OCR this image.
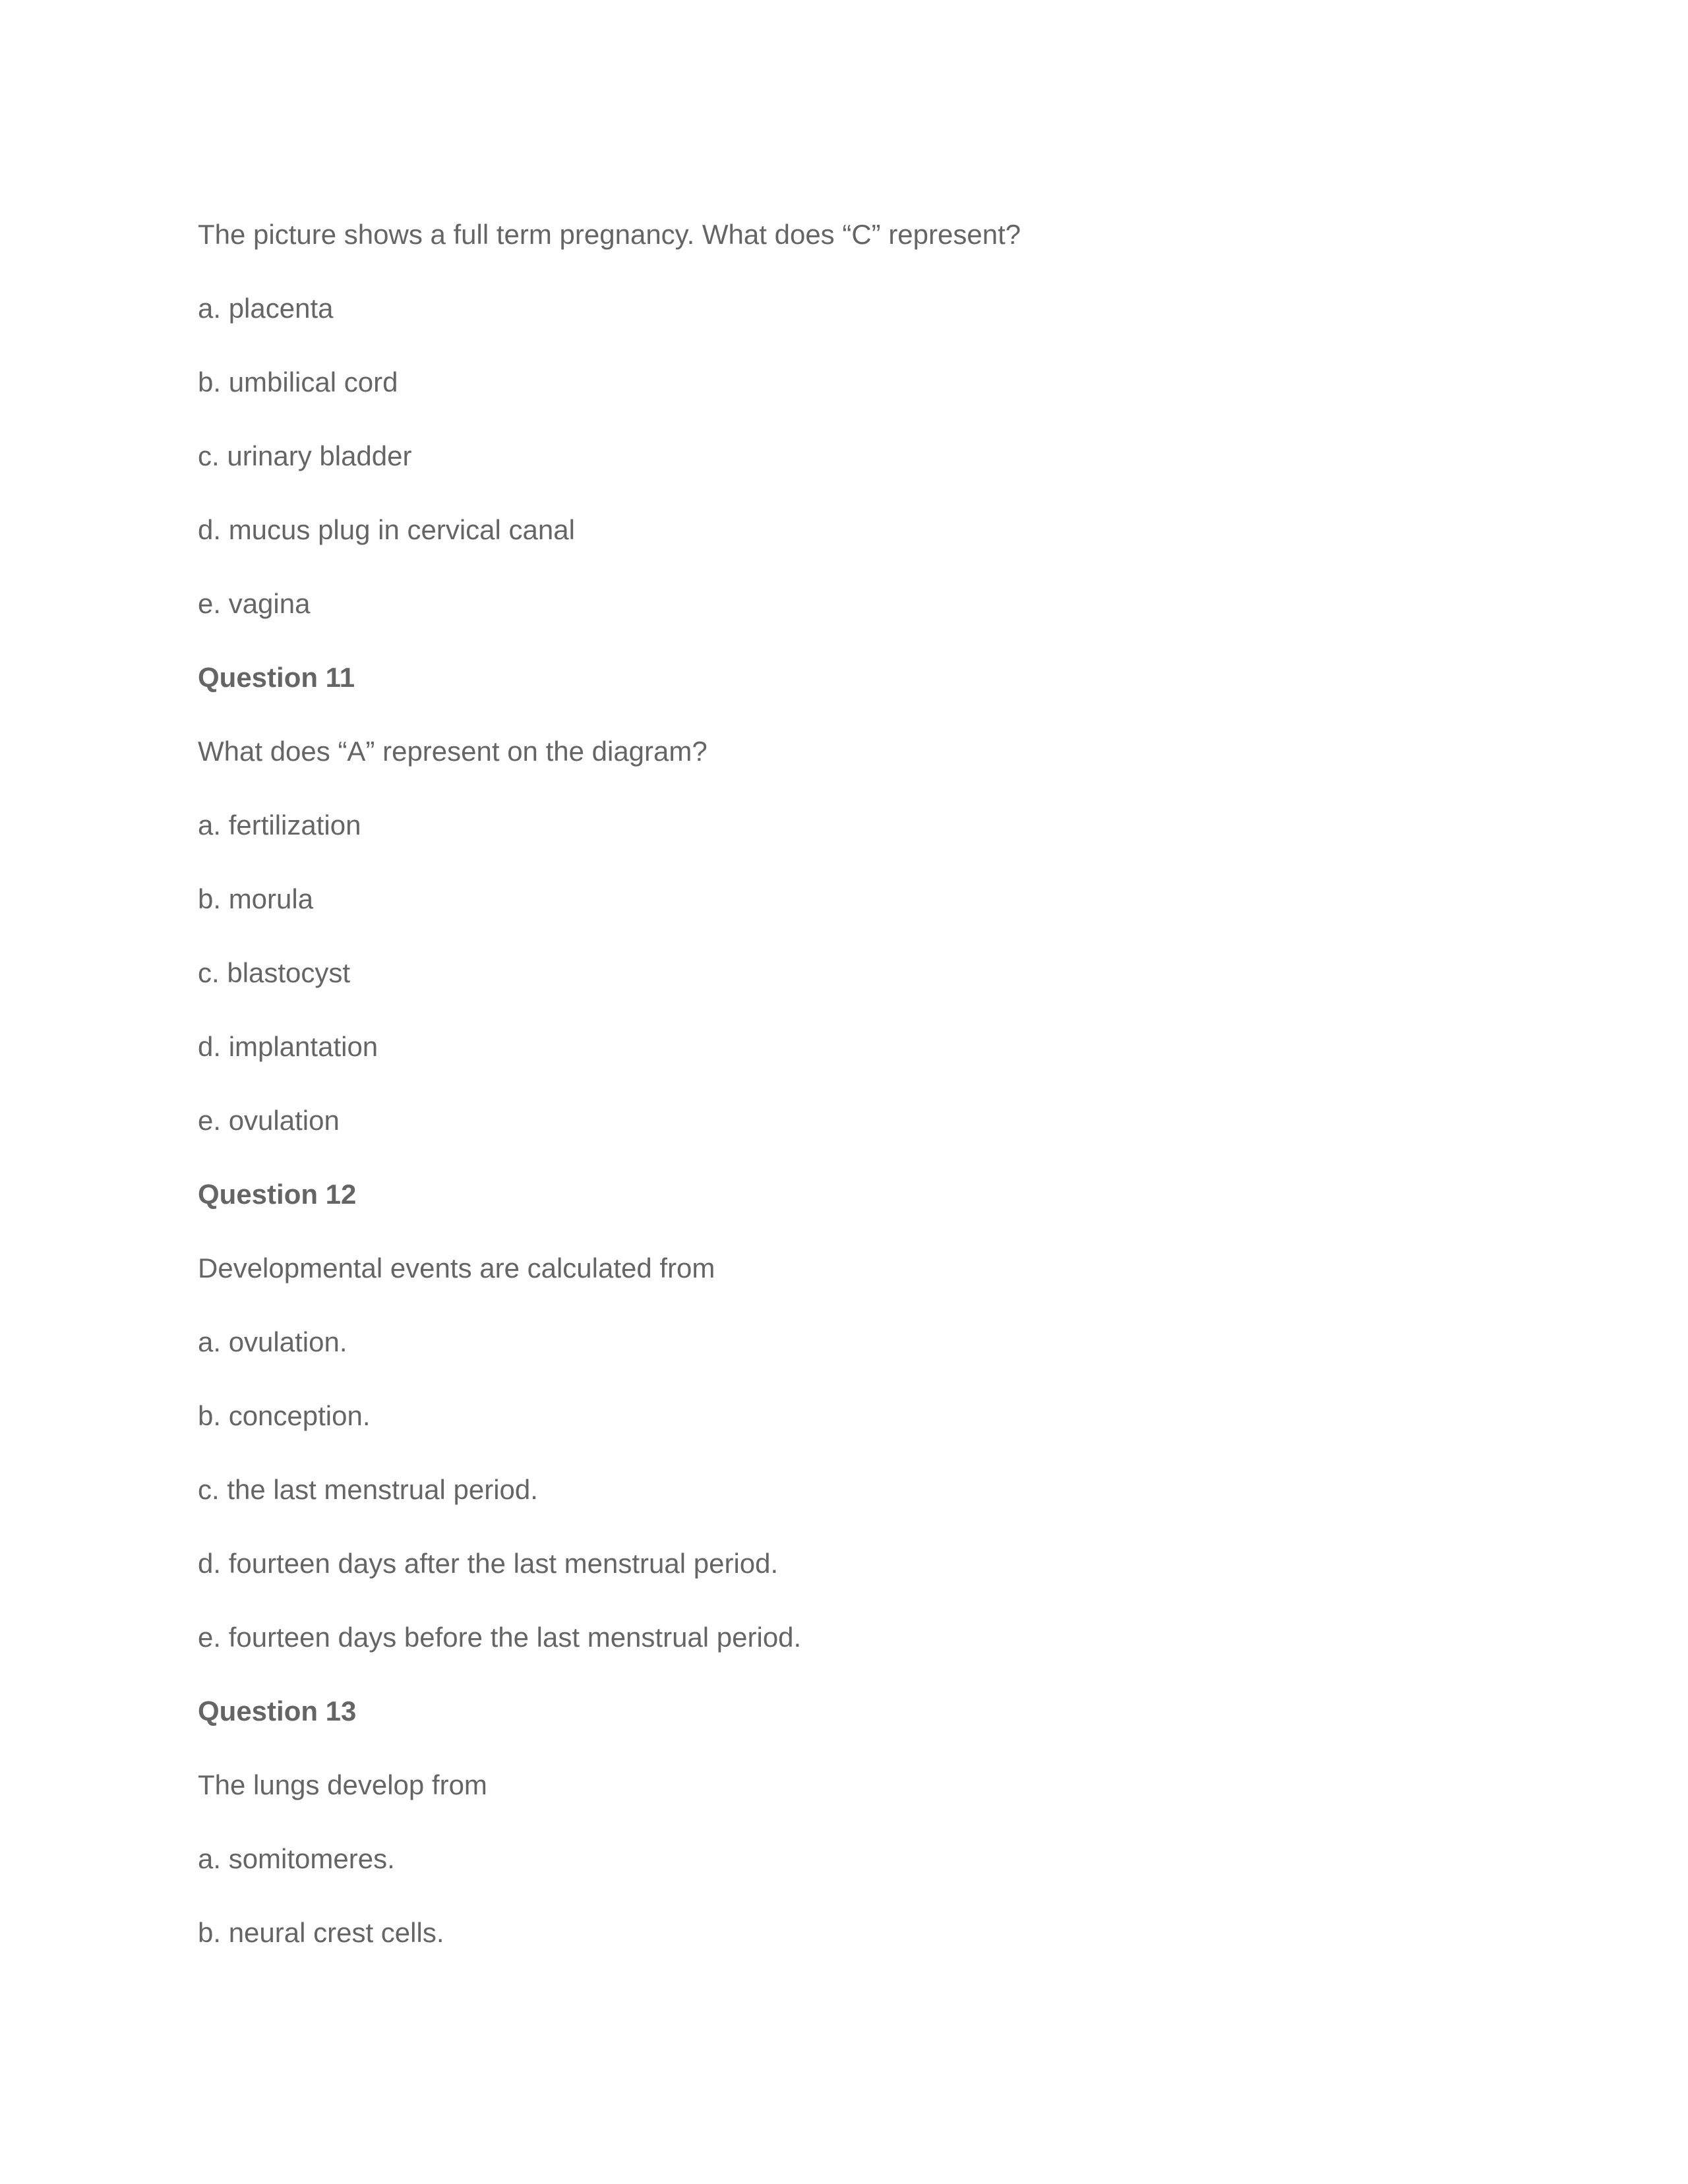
The picture shows a full term pregnancy. What does “C” represent?
a. placenta
b. umbilical cord
c. urinary bladder
d. mucus plug in cervical canal
e. vagina
Question 11
What does “A” represent on the diagram?
a. fertilization
b. morula
c. blastocyst
d. implantation
e. ovulation
Question 12
Developmental events are calculated from
a. ovulation.
b. conception.
c. the last menstrual period.
d. fourteen days after the last menstrual period.
e. fourteen days before the last menstrual period.
Question 13
The lungs develop from
a. somitomeres.
b. neural crest cells.
